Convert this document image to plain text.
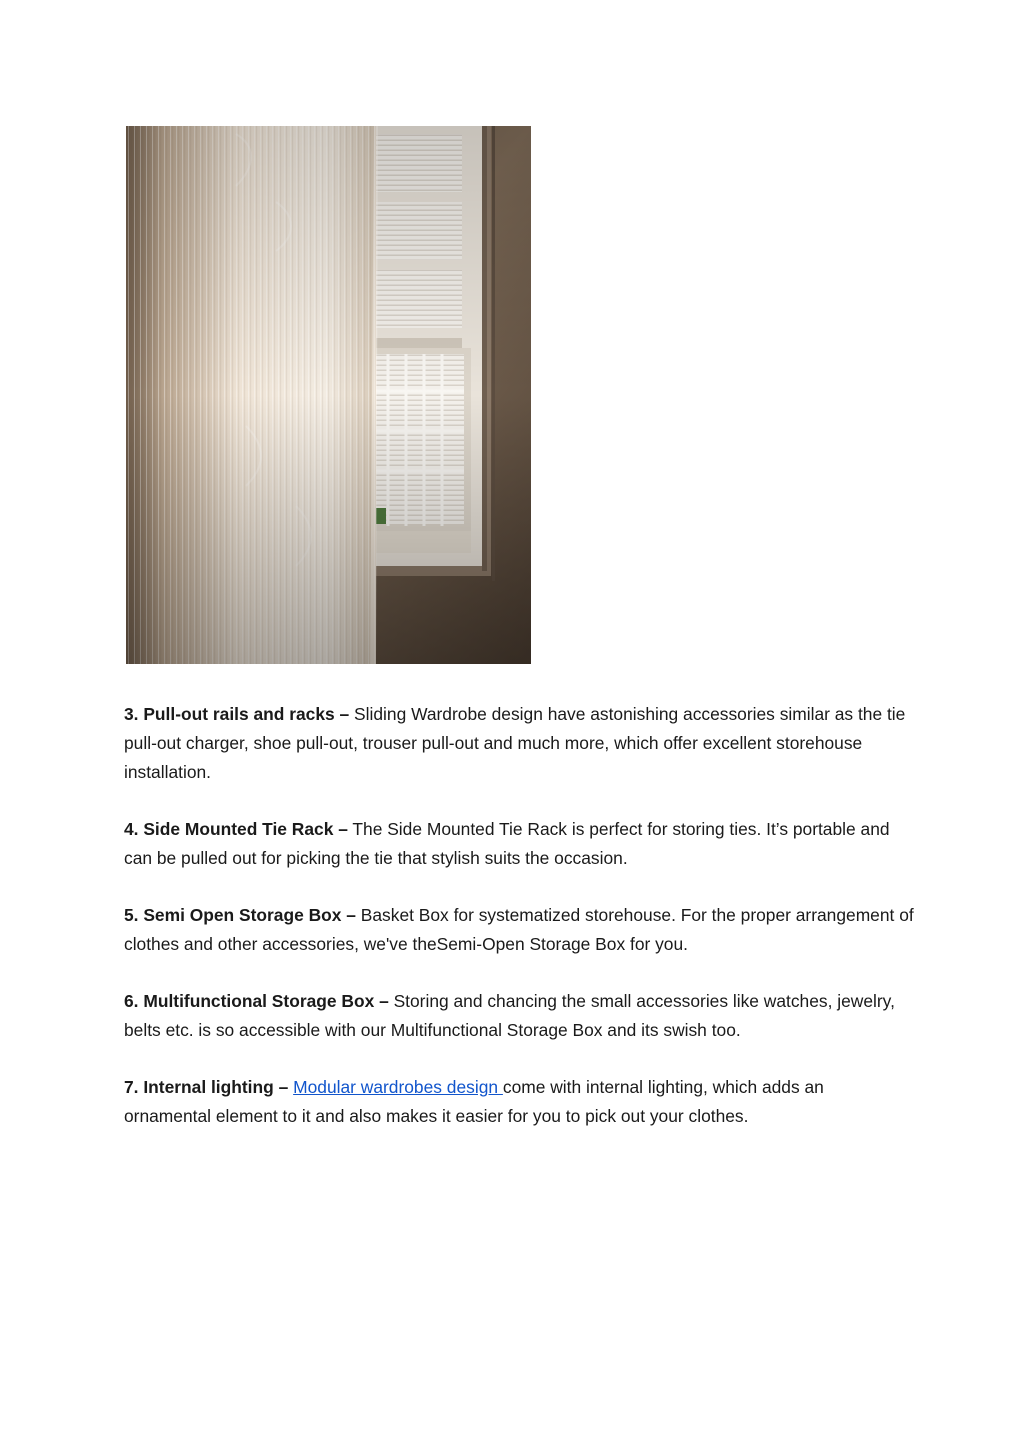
3. Pull-out rails and racks – Sliding Wardrobe design have astonishing accessories similar as the tie pull-out charger, shoe pull-out, trouser pull-out and much more, which offer excellent storehouse installation.

4. Side Mounted Tie Rack – The Side Mounted Tie Rack is perfect for storing ties. It’s portable and can be pulled out for picking the tie that stylish suits the occasion.

5. Semi Open Storage Box – Basket Box for systematized storehouse. For the proper arrangement of clothes and other accessories, we've theSemi-Open Storage Box for you.

6. Multifunctional Storage Box – Storing and chancing the small accessories like watches, jewelry, belts etc. is so accessible with our Multifunctional Storage Box and its swish too.

7. Internal lighting – Modular wardrobes design come with internal lighting, which adds an ornamental element to it and also makes it easier for you to pick out your clothes.
